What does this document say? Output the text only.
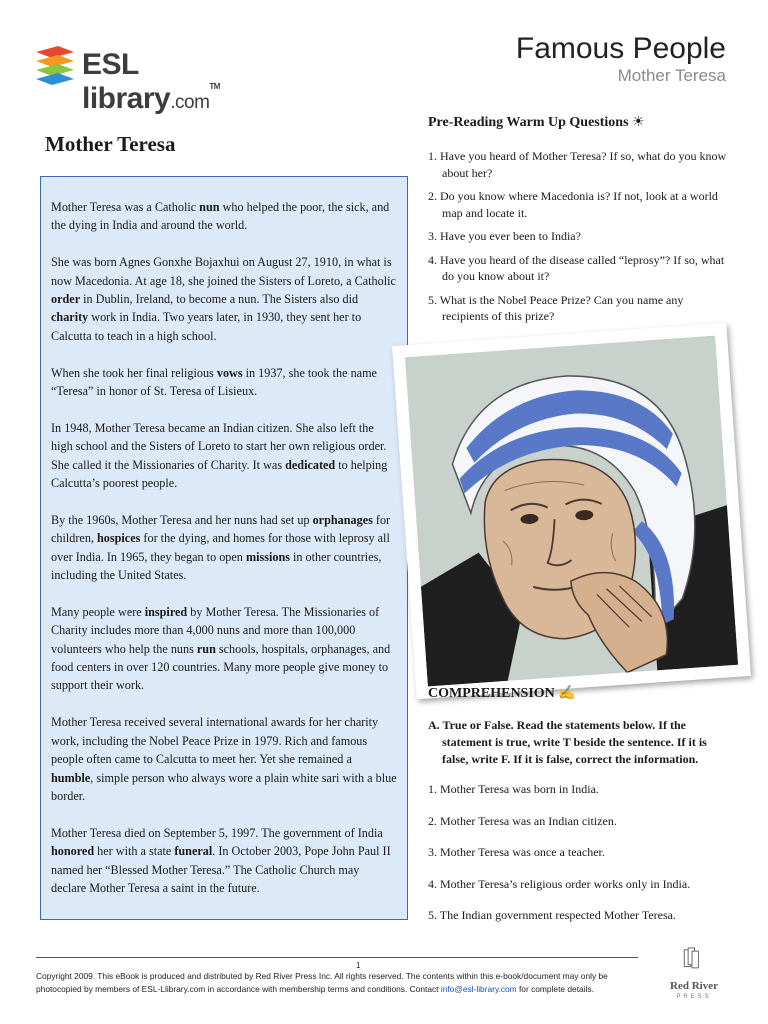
ESL library.com™
Famous People
Mother Teresa
Mother Teresa

Mother Teresa was a Catholic nun who helped the poor, the sick, and the dying in India and around the world.

She was born Agnes Gonxhe Bojaxhui on August 27, 1910, in what is now Macedonia. At age 18, she joined the Sisters of Loreto, a Catholic order in Dublin, Ireland, to become a nun. The Sisters also did charity work in India. Two years later, in 1930, they sent her to Calcutta to teach in a high school.

When she took her final religious vows in 1937, she took the name “Teresa” in honor of St. Teresa of Lisieux.

In 1948, Mother Teresa became an Indian citizen. She also left the high school and the Sisters of Loreto to start her own religious order. She called it the Missionaries of Charity. It was dedicated to helping Calcutta’s poorest people.

By the 1960s, Mother Teresa and her nuns had set up orphanages for children, hospices for the dying, and homes for those with leprosy all over India. In 1965, they began to open missions in other countries, including the United States.

Many people were inspired by Mother Teresa. The Missionaries of Charity includes more than 4,000 nuns and more than 100,000 volunteers who help the nuns run schools, hospitals, orphanages, and food centers in over 120 countries. Many more people give money to support their work.

Mother Teresa received several international awards for her charity work, including the Nobel Peace Prize in 1979. Rich and famous people often came to Calcutta to meet her. Yet she remained a humble, simple person who always wore a plain white sari with a blue border.

Mother Teresa died on September 5, 1997. The government of India honored her with a state funeral. In October 2003, Pope John Paul II named her “Blessed Mother Teresa.” The Catholic Church may declare Mother Teresa a saint in the future.

Pre-Reading Warm Up Questions ☀
1. Have you heard of Mother Teresa? If so, what do you know about her?
2. Do you know where Macedonia is? If not, look at a world map and locate it.
3. Have you ever been to India?
4. Have you heard of the disease called “leprosy”? If so, what do you know about it?
5. What is the Nobel Peace Prize? Can you name any recipients of this prize?
COMPREHENSION ✍
A. True or False. Read the statements below. If the statement is true, write T beside the sentence. If it is false, write F. If it is false, correct the information.
1. Mother Teresa was born in India.
2. Mother Teresa was an Indian citizen.
3. Mother Teresa was once a teacher.
4. Mother Teresa’s religious order works only in India.
5. The Indian government respected Mother Teresa.
1
Copyright 2009. This eBook is produced and distributed by Red River Press Inc. All rights reserved. The contents within this e-book/document may only be
photocopied by members of ESL-Llibrary.com in accordance with membership terms and conditions. Contact info@esl-library.com for complete details.	Red River
PRESS
